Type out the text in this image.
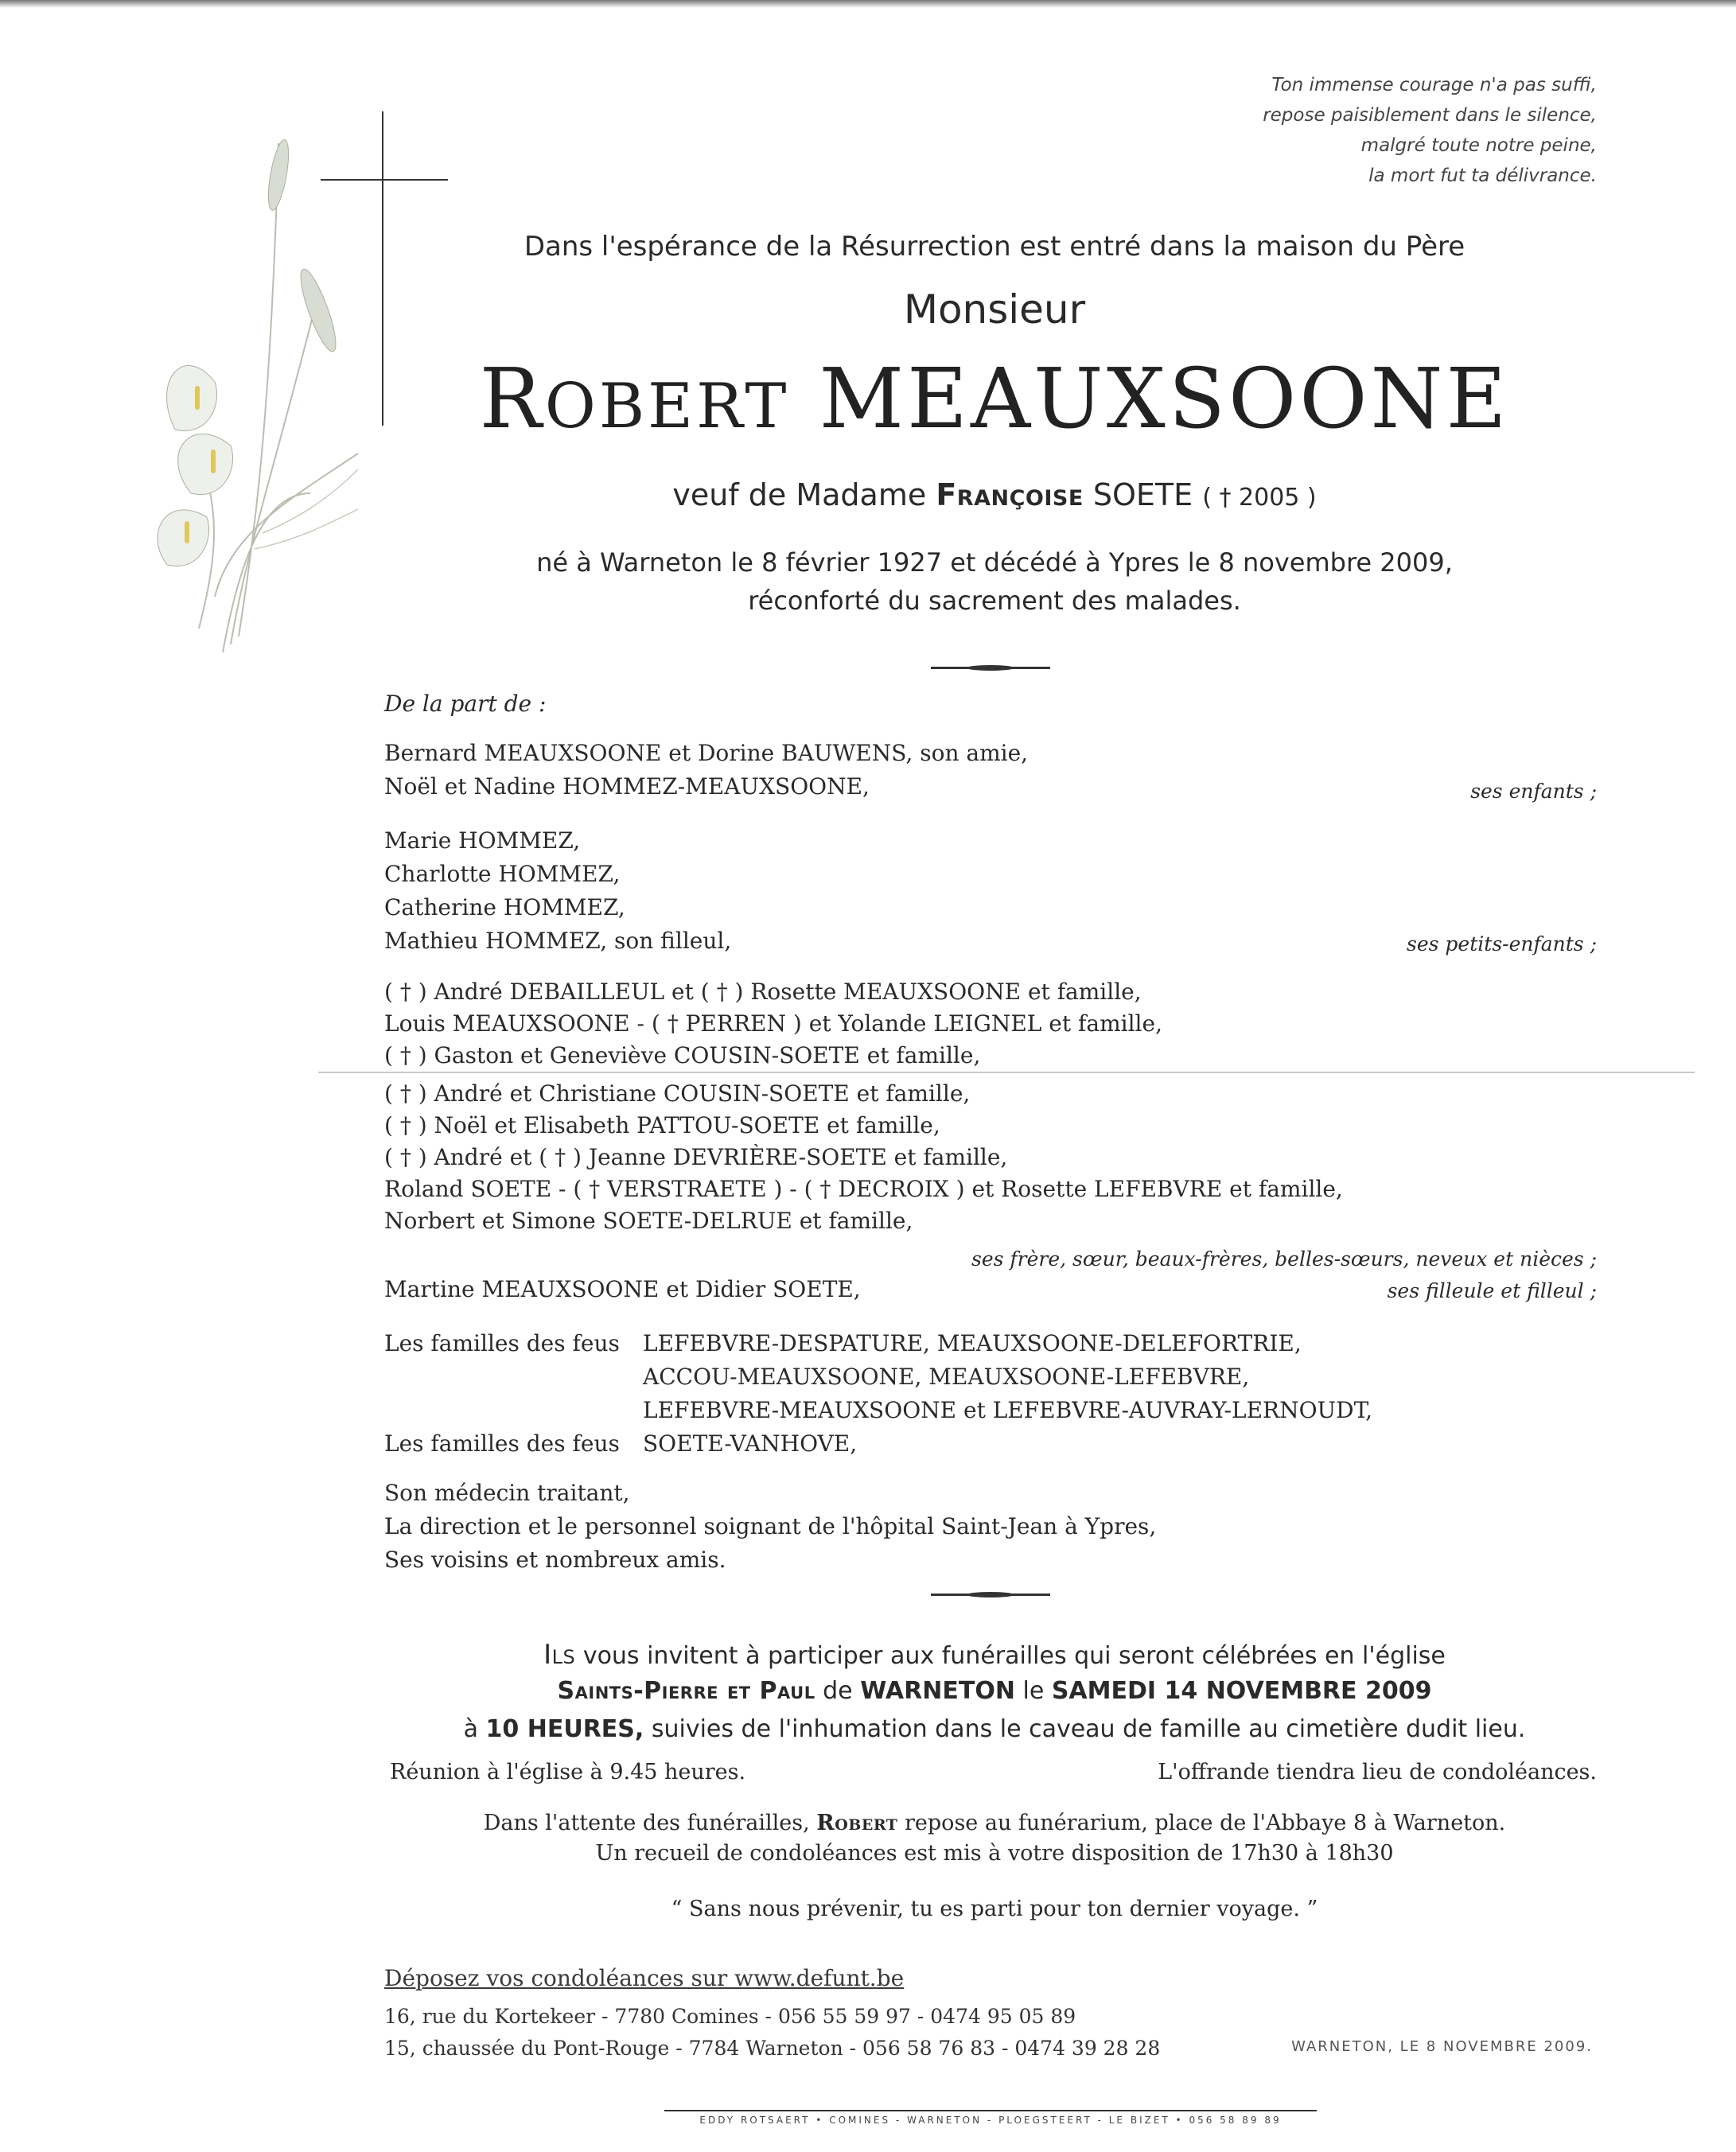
Ton immense courage n'a pas suffi,
repose paisiblement dans le silence,
malgré toute notre peine,
la mort fut ta délivrance.
Dans l'espérance de la Résurrection est entré dans la maison du Père
Monsieur
ROBERT MEAUXSOONE
veuf de Madame Françoise SOETE ( † 2005 )
né à Warneton le 8 février 1927 et décédé à Ypres le 8 novembre 2009,
réconforté du sacrement des malades.
De la part de :
Bernard MEAUXSOONE et Dorine BAUWENS, son amie,
Noël et Nadine HOMMEZ-MEAUXSOONE,	ses enfants ;
Marie HOMMEZ,
Charlotte HOMMEZ,
Catherine HOMMEZ,
Mathieu HOMMEZ, son filleul,	ses petits-enfants ;
( † ) André DEBAILLEUL et ( † ) Rosette MEAUXSOONE et famille,
Louis MEAUXSOONE - ( † PERREN ) et Yolande LEIGNEL et famille,
( † ) Gaston et Geneviève COUSIN-SOETE et famille,
( † ) André et Christiane COUSIN-SOETE et famille,
( † ) Noël et Elisabeth PATTOU-SOETE et famille,
( † ) André et ( † ) Jeanne DEVRIÈRE-SOETE et famille,
Roland SOETE - ( † VERSTRAETE ) - ( † DECROIX ) et Rosette LEFEBVRE et famille,
Norbert et Simone SOETE-DELRUE et famille,
ses frère, sœur, beaux-frères, belles-sœurs, neveux et nièces ;
Martine MEAUXSOONE et Didier SOETE,	ses filleule et filleul ;
Les familles des feus LEFEBVRE-DESPATURE, MEAUXSOONE-DELEFORTRIE,
ACCOU-MEAUXSOONE, MEAUXSOONE-LEFEBVRE,
LEFEBVRE-MEAUXSOONE et LEFEBVRE-AUVRAY-LERNOUDT,
Les familles des feus SOETE-VANHOVE,
Son médecin traitant,
La direction et le personnel soignant de l'hôpital Saint-Jean à Ypres,
Ses voisins et nombreux amis.
Ils vous invitent à participer aux funérailles qui seront célébrées en l'église
Saints-Pierre et Paul de WARNETON le SAMEDI 14 NOVEMBRE 2009
à 10 HEURES, suivies de l'inhumation dans le caveau de famille au cimetière dudit lieu.
Réunion à l'église à 9.45 heures.	L'offrande tiendra lieu de condoléances.
Dans l'attente des funérailles, Robert repose au funérarium, place de l'Abbaye 8 à Warneton.
Un recueil de condoléances est mis à votre disposition de 17h30 à 18h30
“ Sans nous prévenir, tu es parti pour ton dernier voyage. ”
Déposez vos condoléances sur www.defunt.be
16, rue du Kortekeer - 7780 Comines - 056 55 59 97 - 0474 95 05 89
15, chaussée du Pont-Rouge - 7784 Warneton - 056 58 76 83 - 0474 39 28 28	WARNETON, LE 8 NOVEMBRE 2009.
EDDY ROTSAERT • COMINES - WARNETON - PLOEGSTEERT - LE BIZET • 056 58 89 89
